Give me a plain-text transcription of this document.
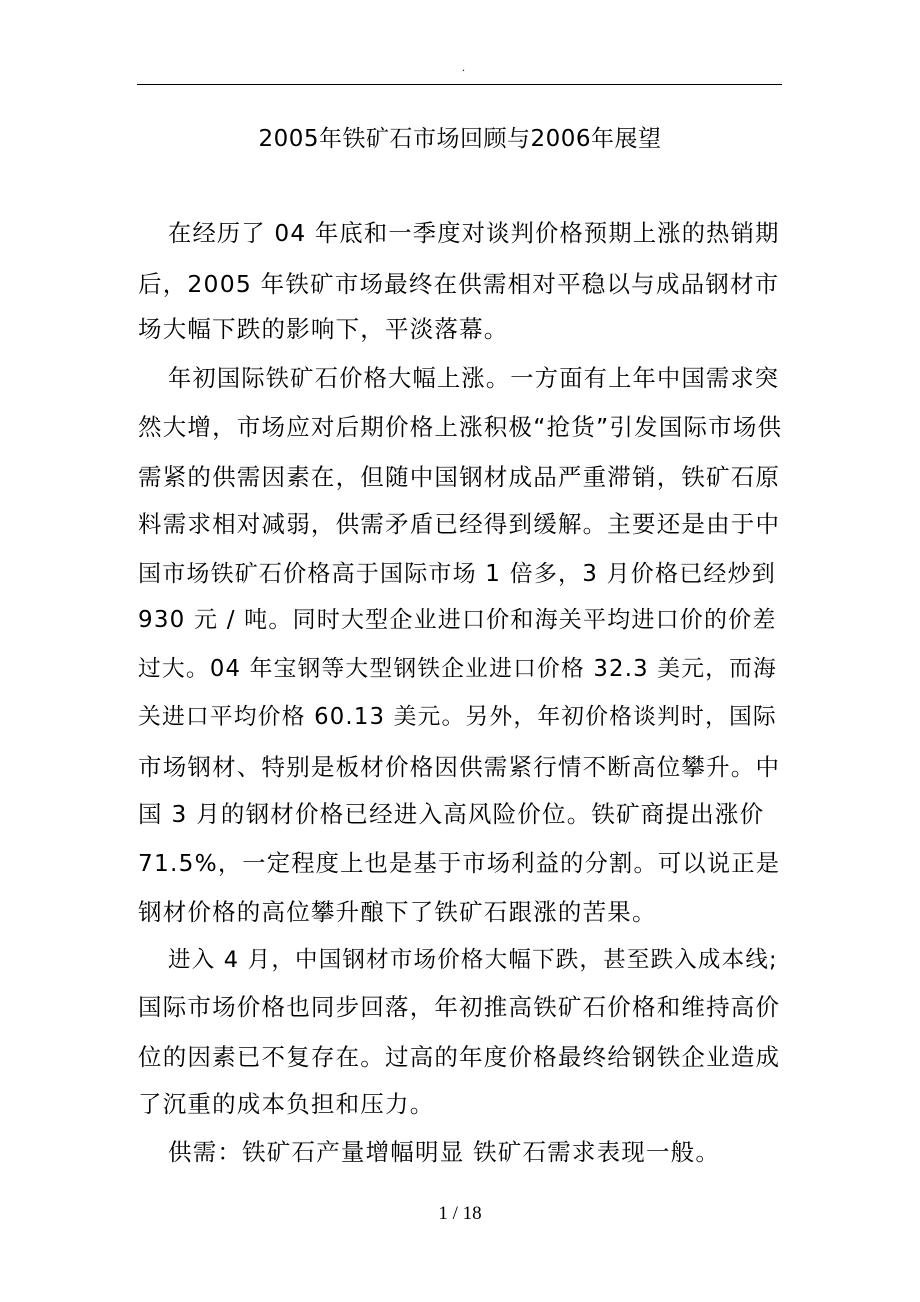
.
2005年铁矿石市场回顾与2006年展望
在经历了 04 年底和一季度对谈判价格预期上涨的热销期
后，2005 年铁矿市场最终在供需相对平稳以与成品钢材市
场大幅下跌的影响下，平淡落幕。
年初国际铁矿石价格大幅上涨。一方面有上年中国需求突
然大增，市场应对后期价格上涨积极“抢货”引发国际市场供
需紧的供需因素在，但随中国钢材成品严重滞销，铁矿石原
料需求相对减弱，供需矛盾已经得到缓解。主要还是由于中
国市场铁矿石价格高于国际市场 1 倍多，3 月价格已经炒到
930 元 / 吨。同时大型企业进口价和海关平均进口价的价差
过大。04 年宝钢等大型钢铁企业进口价格 32.3 美元，而海
关进口平均价格 60.13 美元。另外，年初价格谈判时，国际
市场钢材、特别是板材价格因供需紧行情不断高位攀升。中
国 3 月的钢材价格已经进入高风险价位。铁矿商提出涨价
71.5%，一定程度上也是基于市场利益的分割。可以说正是
钢材价格的高位攀升酿下了铁矿石跟涨的苦果。
进入 4 月，中国钢材市场价格大幅下跌，甚至跌入成本线;
国际市场价格也同步回落，年初推高铁矿石价格和维持高价
位的因素已不复存在。过高的年度价格最终给钢铁企业造成
了沉重的成本负担和压力。
供需：铁矿石产量增幅明显 铁矿石需求表现一般。
1 / 18
